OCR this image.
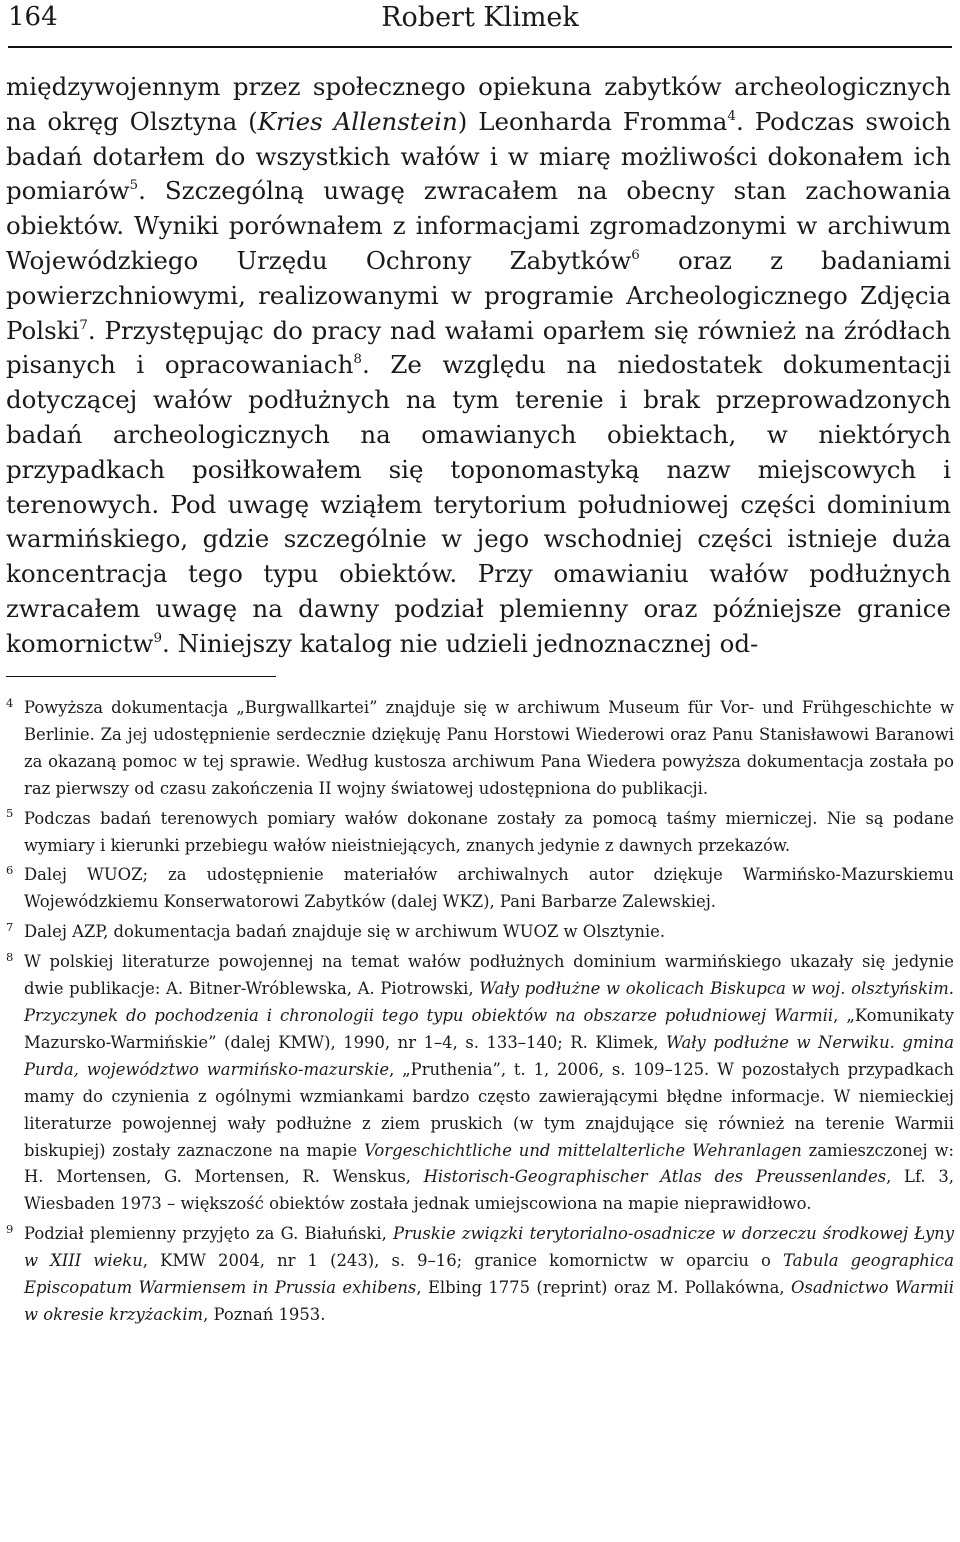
164	Robert Klimek

międzywojennym przez społecznego opiekuna zabytków archeologicznych na okręg Olsztyna (Kries Allenstein) Leonharda Fromma$^4$. Podczas swoich badań dotarłem do wszystkich wałów i w miarę możliwości dokonałem ich pomiarów$^5$. Szczególną uwagę zwracałem na obecny stan zachowania obiektów. Wyniki porównałem z informacjami zgromadzonymi w archiwum Wojewódzkiego Urzędu Ochrony Zabytków$^6$ oraz z badaniami powierzchniowymi, realizowanymi w programie Archeologicznego Zdjęcia Polski$^7$. Przystępując do pracy nad wałami oparłem się również na źródłach pisanych i opracowaniach$^8$. Ze względu na niedostatek dokumentacji dotyczącej wałów podłużnych na tym terenie i brak przeprowadzonych badań archeologicznych na omawianych obiektach, w niektórych przypadkach posiłkowałem się toponomastyką nazw miejscowych i terenowych. Pod uwagę wziąłem terytorium południowej części dominium warmińskiego, gdzie szczególnie w jego wschodniej części istnieje duża koncentracja tego typu obiektów. Przy omawianiu wałów podłużnych zwracałem uwagę na dawny podział plemienny oraz późniejsze granice komornictw$^9$. Niniejszy katalog nie udzieli jednoznacznej od-

4 Powyższa dokumentacja „Burgwallkartei” znajduje się w archiwum Museum für Vor- und Frühgeschichte w Berlinie. Za jej udostępnienie serdecznie dziękuję Panu Horstowi Wiederowi oraz Panu Stanisławowi Baranowi za okazaną pomoc w tej sprawie. Według kustosza archiwum Pana Wiedera powyższa dokumentacja została po raz pierwszy od czasu zakończenia II wojny światowej udostępniona do publikacji.

5 Podczas badań terenowych pomiary wałów dokonane zostały za pomocą taśmy mierniczej. Nie są podane wymiary i kierunki przebiegu wałów nieistniejących, znanych jedynie z dawnych przekazów.

6 Dalej WUOZ; za udostępnienie materiałów archiwalnych autor dziękuje Warmińsko-Mazurskiemu Wojewódzkiemu Konserwatorowi Zabytków (dalej WKZ), Pani Barbarze Zalewskiej.

7 Dalej AZP, dokumentacja badań znajduje się w archiwum WUOZ w Olsztynie.

8 W polskiej literaturze powojennej na temat wałów podłużnych dominium warmińskiego ukazały się jedynie dwie publikacje: A. Bitner-Wróblewska, A. Piotrowski, Wały podłużne w okolicach Biskupca w woj. olsztyńskim. Przyczynek do pochodzenia i chronologii tego typu obiektów na obszarze południowej Warmii, „Komunikaty Mazursko-Warmińskie” (dalej KMW), 1990, nr 1–4, s. 133–140; R. Klimek, Wały podłużne w Nerwiku. gmina Purda, województwo warmińsko-mazurskie, „Pruthenia”, t. 1, 2006, s. 109–125. W pozostałych przypadkach mamy do czynienia z ogólnymi wzmiankami bardzo często zawierającymi błędne informacje. W niemieckiej literaturze powojennej wały podłużne z ziem pruskich (w tym znajdujące się również na terenie Warmii biskupiej) zostały zaznaczone na mapie Vorgeschichtliche und mittelalterliche Wehranlagen zamieszczonej w: H. Mortensen, G. Mortensen, R. Wenskus, Historisch-Geographischer Atlas des Preussenlandes, Lf. 3, Wiesbaden 1973 – większość obiektów została jednak umiejscowiona na mapie nieprawidłowo.

9 Podział plemienny przyjęto za G. Białuński, Pruskie związki terytorialno-osadnicze w dorzeczu środkowej Łyny w XIII wieku, KMW 2004, nr 1 (243), s. 9–16; granice komornictw w oparciu o Tabula geographica Episcopatum Warmiensem in Prussia exhibens, Elbing 1775 (reprint) oraz M. Pollakówna, Osadnictwo Warmii w okresie krzyżackim, Poznań 1953.
